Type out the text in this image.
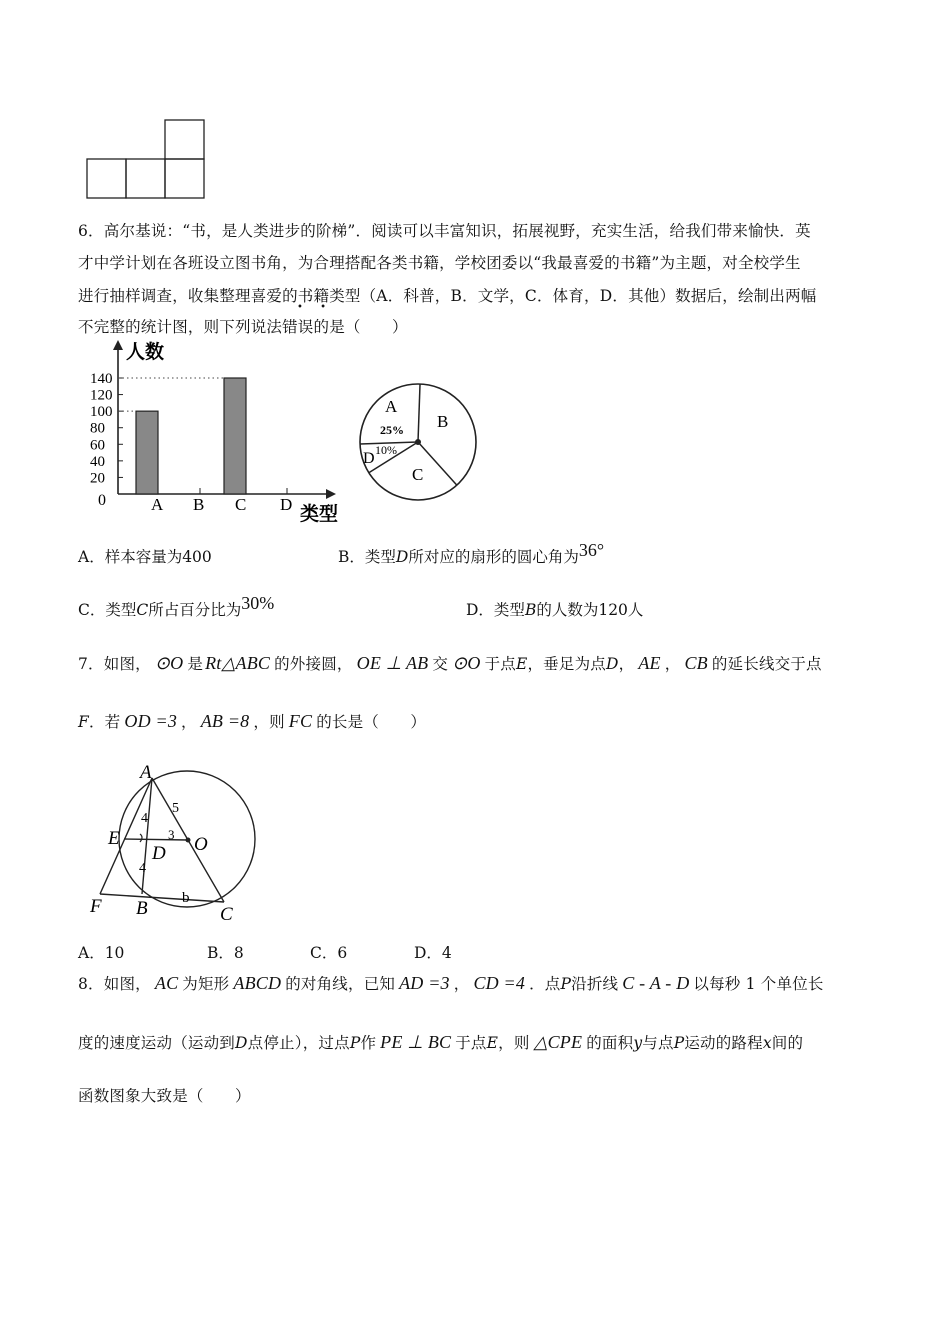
6．高尔基说：“书，是人类进步的阶梯”．阅读可以丰富知识，拓展视野，充实生活，给我们带来愉快．英
才中学计划在各班设立图书角，为合理搭配各类书籍，学校团委以“我最喜爱的书籍”为主题，对全校学生
进行抽样调查，收集整理喜爱的书籍类型（A．科普，B．文学，C．体育，D．其他）数据后，绘制出两幅
不完整的统计图，则下列说法错误的是（　　）
• •
人数
类型
0
20
40
60
80
100
120
140
A B C D
A
B
C
D
25%
10%
A．样本容量为400	B．类型D所对应的扇形的圆心角为36°
C．类型C所占百分比为30%	D．类型B的人数为120人
7．如图， ⊙O 是 Rt△ABC 的外接圆， OE ⊥ AB 交 ⊙O 于点E，垂足为点D， AE ， CB 的延长线交于点
F．若 OD =3 ， AB =8 ，则 FC 的长是（　　）
A
E
D O
F B	C
4
4
5
3
b
A．10	B．8	C．6	D．4
8．如图， AC 为矩形 ABCD 的对角线，已知 AD =3 ， CD =4 ．点P沿折线 C - A - D 以每秒 1 个单位长
度的速度运动（运动到D点停止），过点P作 PE ⊥ BC 于点E，则 △CPE 的面积y与点P运动的路程x间的
函数图象大致是（　　）
